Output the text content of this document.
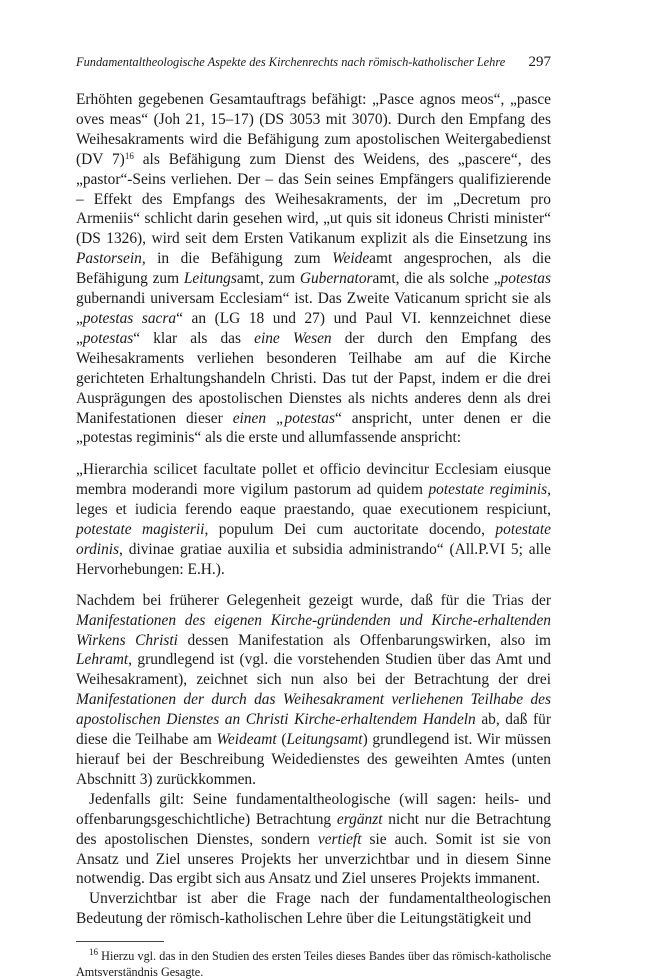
Fundamentaltheologische Aspekte des Kirchenrechts nach römisch-katholischer Lehre 297

Erhöhten gegebenen Gesamtauftrags befähigt: „Pasce agnos meos“, „pasce oves meas“ (Joh 21, 15–17) (DS 3053 mit 3070). Durch den Empfang des Weihesakraments wird die Befähigung zum apostolischen Weitergabedienst (DV 7)$^{16}$ als Befähigung zum Dienst des Weidens, des „pascere“, des „pastor“-Seins verliehen. Der – das Sein seines Empfängers qualifizierende – Effekt des Empfangs des Weihesakraments, der im „Decretum pro Armeniis“ schlicht darin gesehen wird, „ut quis sit idoneus Christi minister“ (DS 1326), wird seit dem Ersten Vatikanum explizit als die Einsetzung ins Pastorsein, in die Befähigung zum Weideamt angesprochen, als die Befähigung zum Leitungsamt, zum Gubernatoramt, die als solche „potestas gubernandi universam Ecclesiam“ ist. Das Zweite Vaticanum spricht sie als „potestas sacra“ an (LG 18 und 27) und Paul VI. kennzeichnet diese „potestas“ klar als das eine Wesen der durch den Empfang des Weihesakraments verliehen besonderen Teilhabe am auf die Kirche gerichteten Erhaltungshandeln Christi. Das tut der Papst, indem er die drei Ausprägungen des apostolischen Dienstes als nichts anderes denn als drei Manifestationen dieser einen „potestas“ anspricht, unter denen er die „potestas regiminis“ als die erste und allumfassende anspricht:

„Hierarchia scilicet facultate pollet et officio devincitur Ecclesiam eiusque membra moderandi more vigilum pastorum ad quidem potestate regiminis, leges et iudicia ferendo eaque praestando, quae executionem respiciunt, potestate magisterii, populum Dei cum auctoritate docendo, potestate ordinis, divinae gratiae auxilia et subsidia administrando“ (All.P.VI 5; alle Hervorhebungen: E.H.).

Nachdem bei früherer Gelegenheit gezeigt wurde, daß für die Trias der Manifestationen des eigenen Kirche-gründenden und Kirche-erhaltenden Wirkens Christi dessen Manifestation als Offenbarungswirken, also im Lehramt, grundlegend ist (vgl. die vorstehenden Studien über das Amt und Weihesakrament), zeichnet sich nun also bei der Betrachtung der drei Manifestationen der durch das Weihesakrament verliehenen Teilhabe des apostolischen Dienstes an Christi Kirche-erhaltendem Handeln ab, daß für diese die Teilhabe am Weideamt (Leitungsamt) grundlegend ist. Wir müssen hierauf bei der Beschreibung Weidedienstes des geweihten Amtes (unten Abschnitt 3) zurückkommen.

Jedenfalls gilt: Seine fundamentaltheologische (will sagen: heils- und offenbarungsgeschichtliche) Betrachtung ergänzt nicht nur die Betrachtung des apostolischen Dienstes, sondern vertieft sie auch. Somit ist sie von Ansatz und Ziel unseres Projekts her unverzichtbar und in diesem Sinne notwendig. Das ergibt sich aus Ansatz und Ziel unseres Projekts immanent.

Unverzichtbar ist aber die Frage nach der fundamentaltheologischen Bedeutung der römisch-katholischen Lehre über die Leitungstätigkeit und

$^{16}$ Hierzu vgl. das in den Studien des ersten Teiles dieses Bandes über das römisch-katholische Amtsverständnis Gesagte.
